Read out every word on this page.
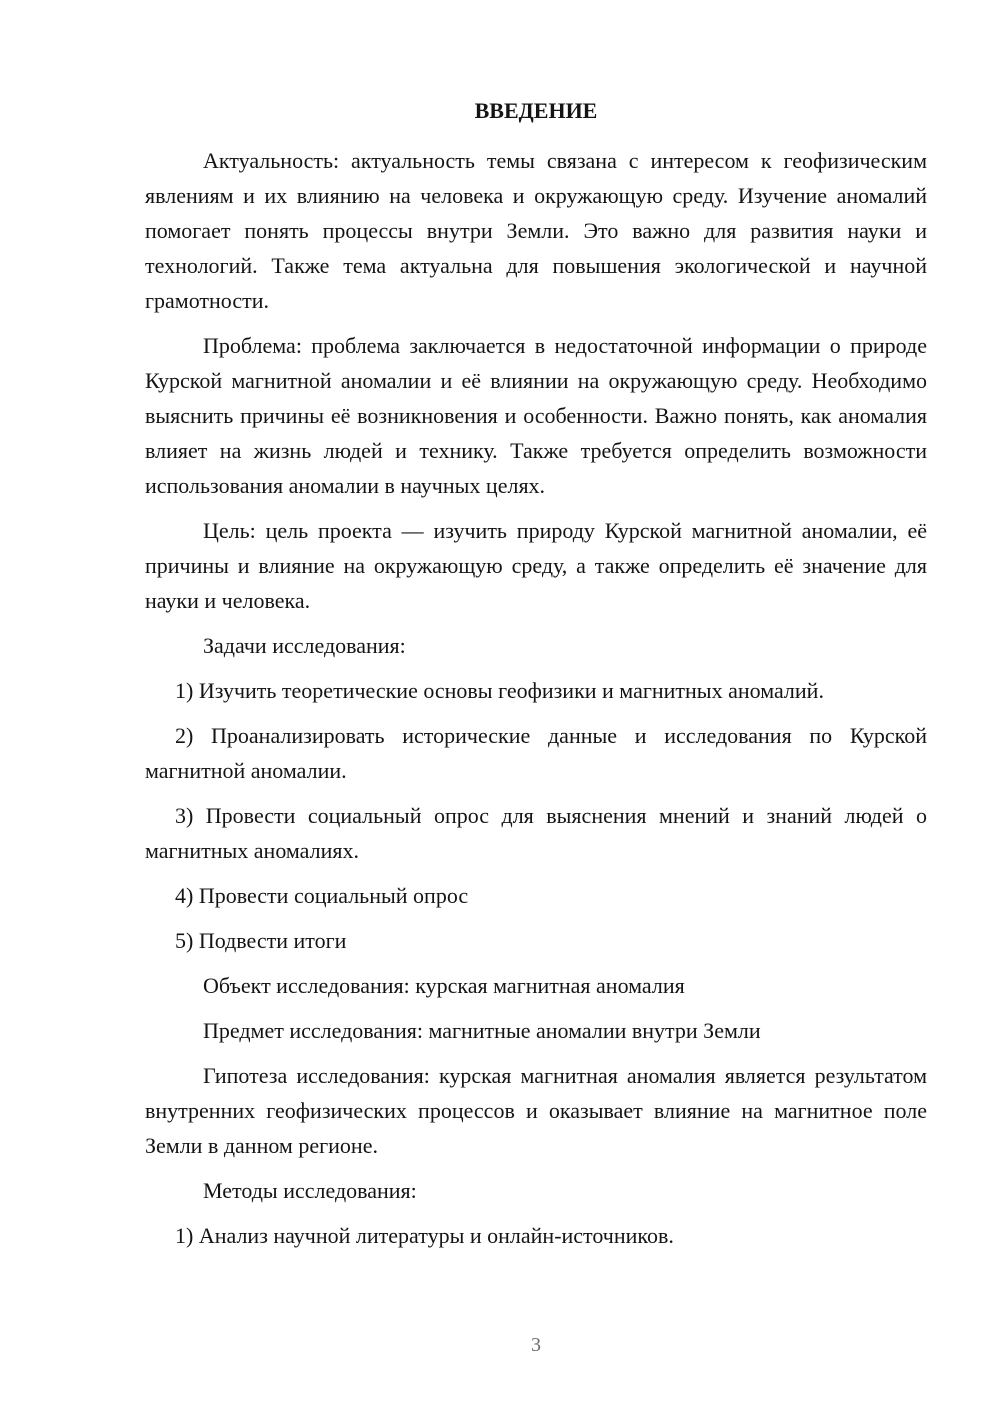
ВВЕДЕНИЕ

Актуальность: актуальность темы связана с интересом к геофизическим явлениям и их влиянию на человека и окружающую среду. Изучение аномалий помогает понять процессы внутри Земли. Это важно для развития науки и технологий. Также тема актуальна для повышения экологической и научной грамотности.

Проблема: проблема заключается в недостаточной информации о природе Курской магнитной аномалии и её влиянии на окружающую среду. Необходимо выяснить причины её возникновения и особенности. Важно понять, как аномалия влияет на жизнь людей и технику. Также требуется определить возможности использования аномалии в научных целях.

Цель: цель проекта — изучить природу Курской магнитной аномалии, её причины и влияние на окружающую среду, а также определить её значение для науки и человека.

Задачи исследования:

1) Изучить теоретические основы геофизики и магнитных аномалий.

2) Проанализировать исторические данные и исследования по Курской магнитной аномалии.

3) Провести социальный опрос для выяснения мнений и знаний людей о магнитных аномалиях.

4) Провести социальный опрос

5) Подвести итоги

Объект исследования: курская магнитная аномалия

Предмет исследования: магнитные аномалии внутри Земли

Гипотеза исследования: курская магнитная аномалия является результатом внутренних геофизических процессов и оказывает влияние на магнитное поле Земли в данном регионе.

Методы исследования:

1) Анализ научной литературы и онлайн-источников.

3
